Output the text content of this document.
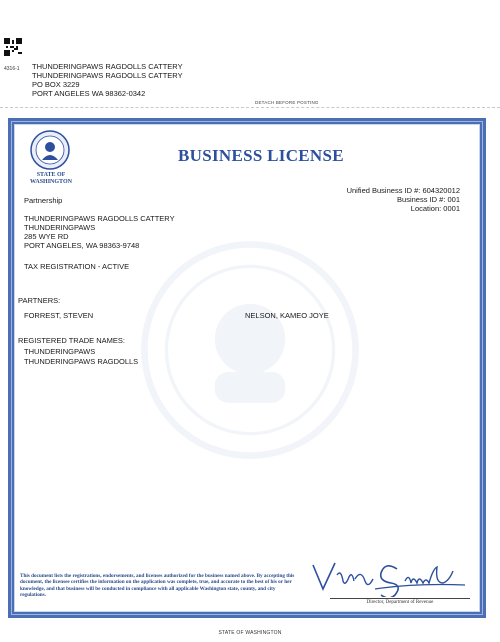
4316-1 THUNDERINGPAWS RAGDOLLS CATTERY
THUNDERINGPAWS RAGDOLLS CATTERY
PO BOX 3229
PORT ANGELES WA 98362-0342
DETACH BEFORE POSTING
STATE OF
WASHINGTON
BUSINESS LICENSE
Unified Business ID #: 604320012
Business ID #: 001
Location: 0001
Partnership
THUNDERINGPAWS RAGDOLLS CATTERY
THUNDERINGPAWS
285 WYE RD
PORT ANGELES, WA 98363-9748
TAX REGISTRATION - ACTIVE
PARTNERS:
FORREST, STEVEN	NELSON, KAMEO JOYE
REGISTERED TRADE NAMES:
THUNDERINGPAWS
THUNDERINGPAWS RAGDOLLS
This document lists the registrations, endorsements, and licenses authorized for the business named above. By accepting this document, the licensee certifies the information on the application was complete, true, and accurate to the best of his or her knowledge, and that business will be conducted in compliance with all applicable Washington state, county, and city regulations.
Director, Department of Revenue
STATE OF WASHINGTON
